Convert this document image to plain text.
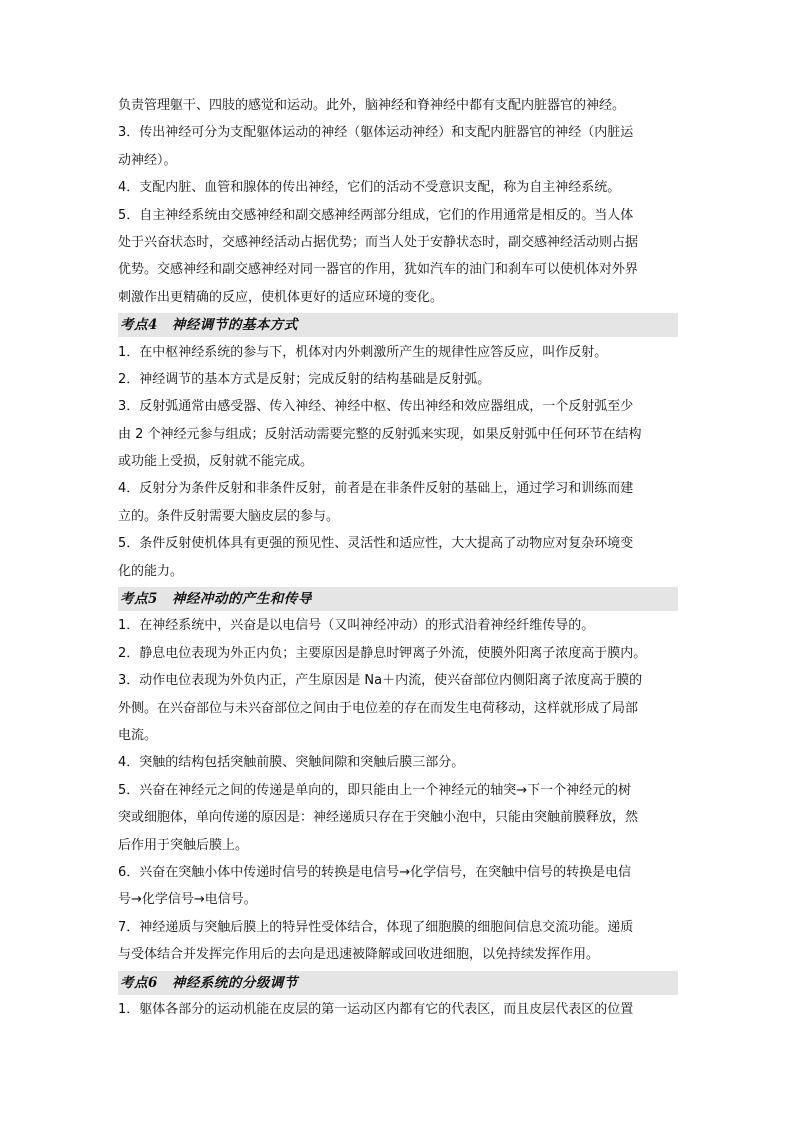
负责管理躯干、四肢的感觉和运动。此外，脑神经和脊神经中都有支配内脏器官的神经。
3．传出神经可分为支配躯体运动的神经（躯体运动神经）和支配内脏器官的神经（内脏运
动神经）。
4．支配内脏、血管和腺体的传出神经，它们的活动不受意识支配，称为自主神经系统。
5．自主神经系统由交感神经和副交感神经两部分组成，它们的作用通常是相反的。当人体
处于兴奋状态时，交感神经活动占据优势；而当人处于安静状态时，副交感神经活动则占据
优势。交感神经和副交感神经对同一器官的作用，犹如汽车的油门和刹车可以使机体对外界
刺激作出更精确的反应，使机体更好的适应环境的变化。
考点4　神经调节的基本方式
1．在中枢神经系统的参与下，机体对内外刺激所产生的规律性应答反应，叫作反射。
2．神经调节的基本方式是反射；完成反射的结构基础是反射弧。
3．反射弧通常由感受器、传入神经、神经中枢、传出神经和效应器组成，一个反射弧至少
由 2 个神经元参与组成；反射活动需要完整的反射弧来实现，如果反射弧中任何环节在结构
或功能上受损，反射就不能完成。
4．反射分为条件反射和非条件反射，前者是在非条件反射的基础上，通过学习和训练而建
立的。条件反射需要大脑皮层的参与。
5．条件反射使机体具有更强的预见性、灵活性和适应性，大大提高了动物应对复杂环境变
化的能力。
考点5　神经冲动的产生和传导
1．在神经系统中，兴奋是以电信号（又叫神经冲动）的形式沿着神经纤维传导的。
2．静息电位表现为外正内负；主要原因是静息时钾离子外流，使膜外阳离子浓度高于膜内。
3．动作电位表现为外负内正，产生原因是 Na＋内流，使兴奋部位内侧阳离子浓度高于膜的
外侧。在兴奋部位与未兴奋部位之间由于电位差的存在而发生电荷移动，这样就形成了局部
电流。
4．突触的结构包括突触前膜、突触间隙和突触后膜三部分。
5．兴奋在神经元之间的传递是单向的，即只能由上一个神经元的轴突→下一个神经元的树
突或细胞体，单向传递的原因是：神经递质只存在于突触小泡中，只能由突触前膜释放，然
后作用于突触后膜上。
6．兴奋在突触小体中传递时信号的转换是电信号→化学信号，在突触中信号的转换是电信
号→化学信号→电信号。
7．神经递质与突触后膜上的特异性受体结合，体现了细胞膜的细胞间信息交流功能。递质
与受体结合并发挥完作用后的去向是迅速被降解或回收进细胞，以免持续发挥作用。
考点6　神经系统的分级调节
1．躯体各部分的运动机能在皮层的第一运动区内都有它的代表区，而且皮层代表区的位置
